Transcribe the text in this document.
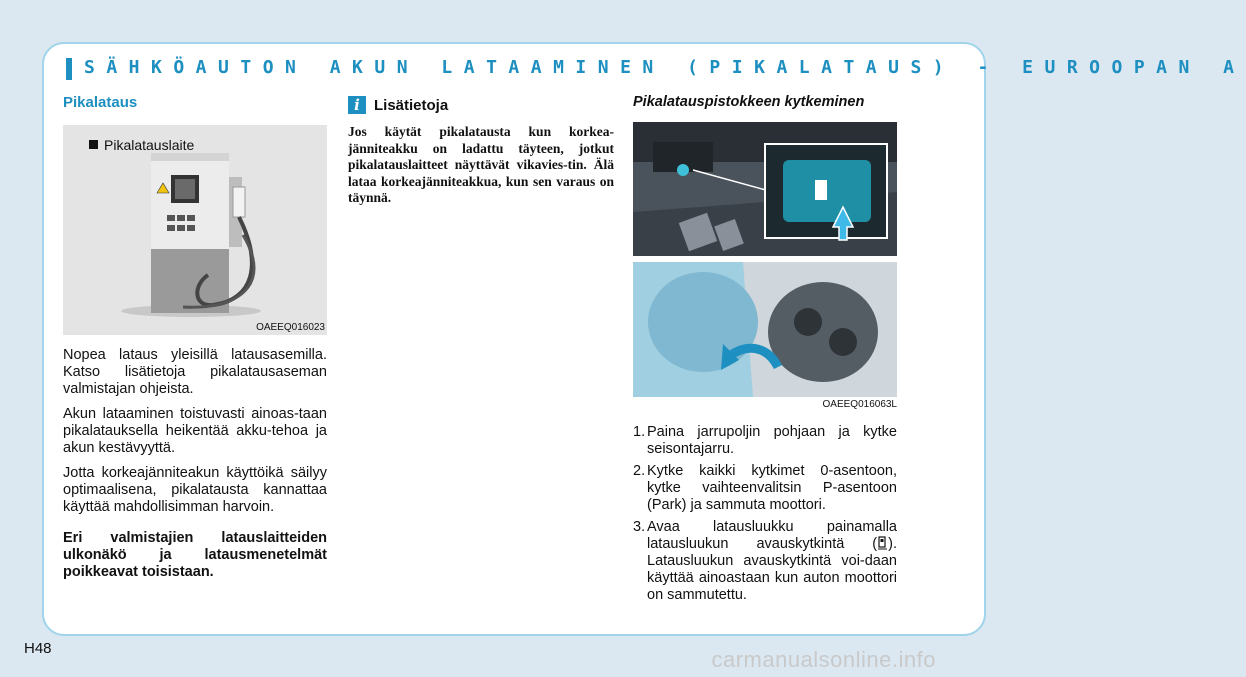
SÄHKÖAUTON AKUN LATAAMINEN (PIKALATAUS) - EUROOPAN A
Pikalataus
Pikalatauslaite
OAEEQ016023

Nopea lataus yleisillä latausasemilla. Katso lisätietoja pikalatausaseman valmistajan ohjeista.

Akun lataaminen toistuvasti ainoas-taan pikalatauksella heikentää akku-tehoa ja akun kestävyyttä.

Jotta korkeajänniteakun käyttöikä säilyy optimaalisena, pikalatausta kannattaa käyttää mahdollisimman harvoin.

Eri valmistajien latauslaitteiden ulkonäkö ja latausmenetelmät poikkeavat toisistaan.

i Lisätietoja

Jos käytät pikalatausta kun korkea-jänniteakku on ladattu täyteen, jotkut pikalatauslaitteet näyttävät vikavies-tin. Älä lataa korkeajänniteakkua, kun sen varaus on täynnä.

Pikalatauspistokkeen kytkeminen
OAEEQ016063L
1. Paina jarrupoljin pohjaan ja kytke seisontajarru.
2. Kytke kaikki kytkimet 0-asentoon, kytke vaihteenvalitsin P-asentoon (Park) ja sammuta moottori.
3. Avaa latausluukku painamalla latausluukun avauskytkintä ( ). Latausluukun avauskytkintä voi-daan käyttää ainoastaan kun auton moottori on sammutettu.
H48	carmanualsonline.info
